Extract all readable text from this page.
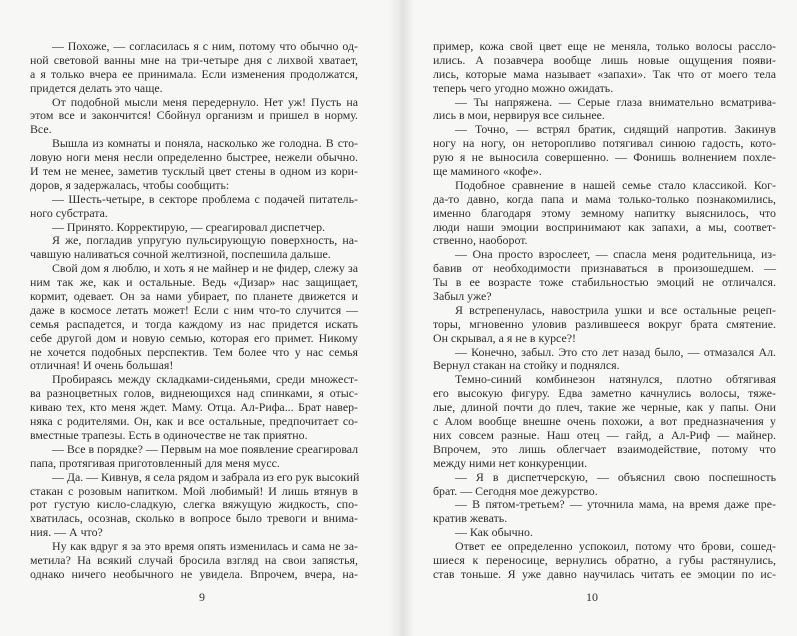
— Похоже, — согласилась я с ним, потому что обычно од-
ной световой ванны мне на три-четыре дня с лихвой хватает,
а я только вчера ее принимала. Если изменения продолжатся,
придется делать это чаще.
От подобной мысли меня передернуло. Нет уж! Пусть на
этом все и закончится! Сбойнул организм и пришел в норму.
Все.
Вышла из комнаты и поняла, насколько же голодна. В сто-
ловую ноги меня несли определенно быстрее, нежели обычно.
И тем не менее, заметив тусклый цвет стены в одном из кори-
доров, я задержалась, чтобы сообщить:
— Шесть-четыре, в секторе проблема с подачей питатель-
ного субстрата.
— Принято. Корректирую, — среагировал диспетчер.
Я же, погладив упругую пульсирующую поверхность, на-
чавшую наливаться сочной желтизной, поспешила дальше.
Свой дом я люблю, и хоть я не майнер и не фидер, слежу за
ним так же, как и остальные. Ведь «Дизар» нас защищает,
кормит, одевает. Он за нами убирает, по планете движется и
даже в космосе летать может! Если с ним что-то случится —
семья распадется, и тогда каждому из нас придется искать
себе другой дом и новую семью, которая его примет. Никому
не хочется подобных перспектив. Тем более что у нас семья
отличная! И очень большая!
Пробираясь между складками-сиденьями, среди множест-
ва разноцветных голов, виднеющихся над спинками, я отыс-
киваю тех, кто меня ждет. Маму. Отца. Ал-Рифа... Брат навер-
няка с родителями. Он, как и все остальные, предпочитает со-
вместные трапезы. Есть в одиночестве не так приятно.
— Все в порядке? — Первым на мое появление среагировал
папа, протягивая приготовленный для меня мусс.
— Да. — Кивнув, я села рядом и забрала из его рук высокий
стакан с розовым напитком. Мой любимый! И лишь втянув в
рот густую кисло-сладкую, слегка вяжущую жидкость, спо-
хватилась, осознав, сколько в вопросе было тревоги и внима-
ния. — А что?
Ну как вдруг я за это время опять изменилась и сама не за-
метила? На всякий случай бросила взгляд на свои запястья,
однако ничего необычного не увидела. Впрочем, вчера, на-
пример, кожа свой цвет еще не меняла, только волосы рассло-
ились. А позавчера вообще лишь новые ощущения появи-
лись, которые мама называет «запахи». Так что от моего тела
теперь чего угодно можно ожидать.
— Ты напряжена. — Серые глаза внимательно всматрива-
лись в мои, нервируя все сильнее.
— Точно, — встрял братик, сидящий напротив. Закинув
ногу на ногу, он неторопливо потягивал синюю гадость, кото-
рую я не выносила совершенно. — Фонишь волнением похле-
ще маминого «кофе».
Подобное сравнение в нашей семье стало классикой. Ког-
да-то давно, когда папа и мама только-только познакомились,
именно благодаря этому земному напитку выяснилось, что
люди наши эмоции воспринимают как запахи, а мы, соответ-
ственно, наоборот.
— Она просто взрослеет, — спасла меня родительница, из-
бавив от необходимости признаваться в произошедшем. —
Ты в ее возрасте тоже стабильностью эмоций не отличался.
Забыл уже?
Я встрепенулась, навострила ушки и все остальные рецеп-
торы, мгновенно уловив разлившееся вокруг брата смятение.
Он скрывал, а я не в курсе?!
— Конечно, забыл. Это сто лет назад было, — отмазался Ал.
Вернул стакан на стойку и поднялся.
Темно-синий комбинезон натянулся, плотно обтягивая
его высокую фигуру. Едва заметно качнулись волосы, тяже-
лые, длиной почти до плеч, такие же черные, как у папы. Они
с Алом вообще внешне очень похожи, а вот предназначения у
них совсем разные. Наш отец — гайд, а Ал-Риф — майнер.
Впрочем, это лишь облегчает взаимодействие, потому что
между ними нет конкуренции.
— Я в диспетчерскую, — объяснил свою поспешность
брат. — Сегодня мое дежурство.
— В пятом-третьем? — уточнила мама, на время даже пре-
кратив жевать.
— Как обычно.
Ответ ее определенно успокоил, потому что брови, сошед-
шиеся к переносице, вернулись обратно, а губы растянулись,
став тоньше. Я уже давно научилась читать ее эмоции по ис-
9	10
